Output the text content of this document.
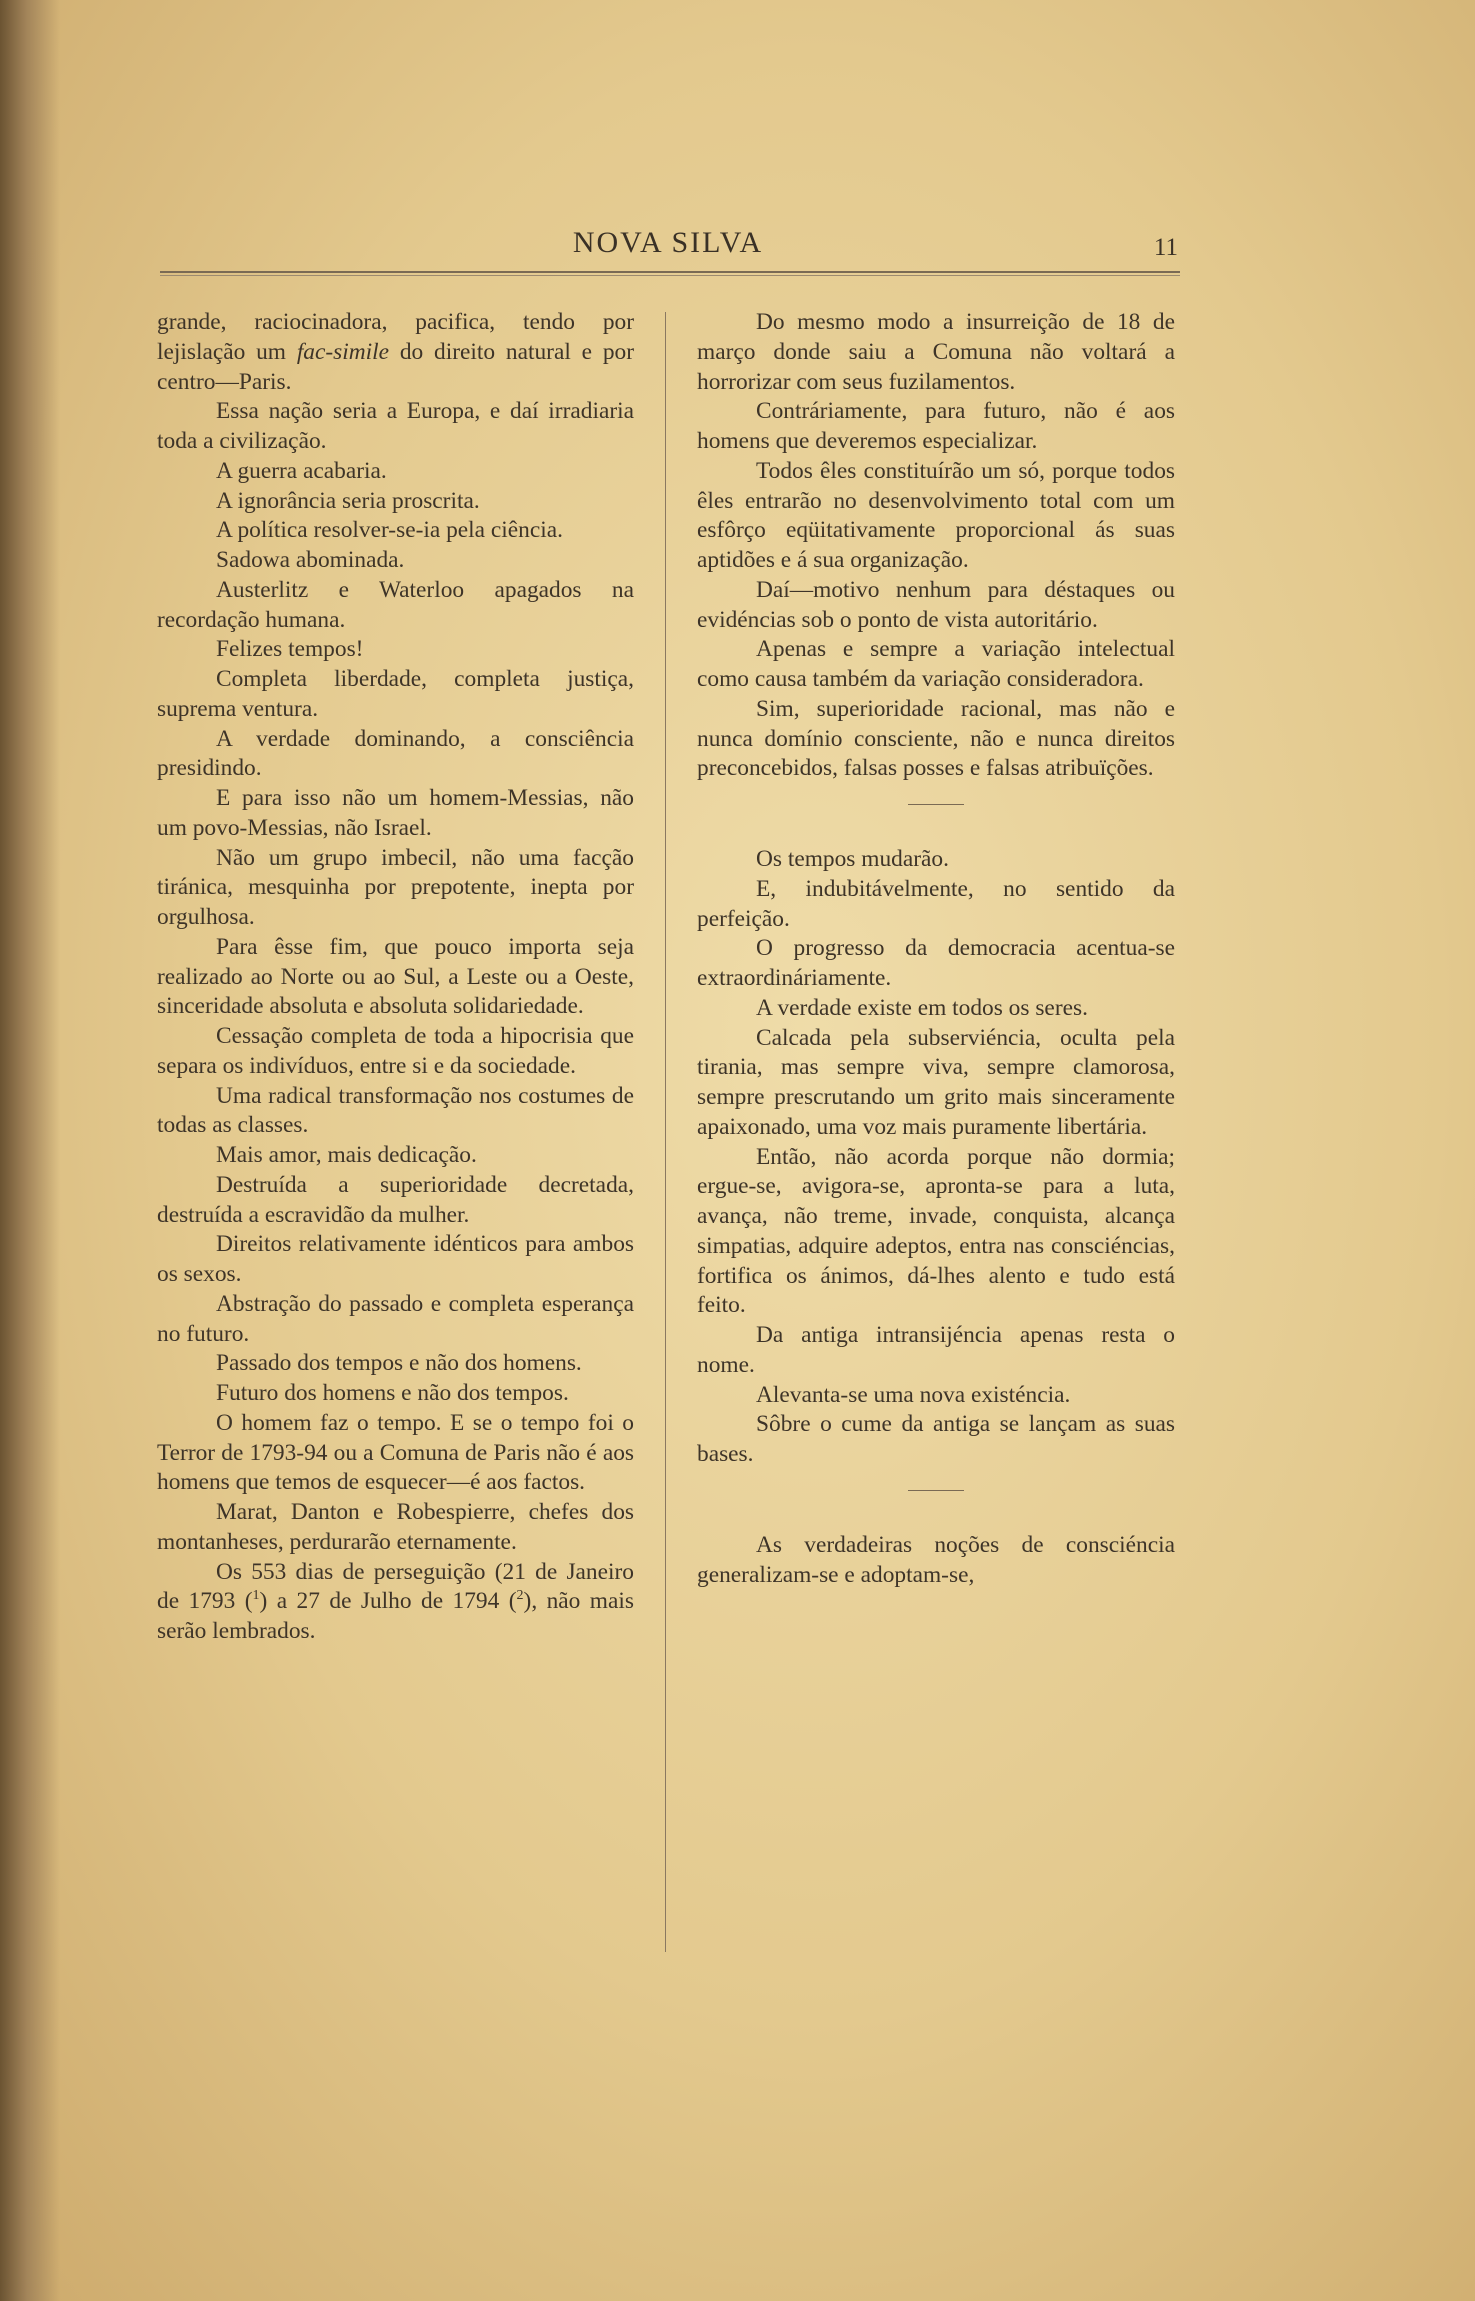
NOVA SILVA	11

grande, raciocinadora, pacifica, tendo por lejislação um fac-simile do direito natural e por centro—Paris.

Essa nação seria a Europa, e daí irradiaria toda a civilização.

A guerra acabaria.

A ignorância seria proscrita.

A política resolver-se-ia pela ciência.

Sadowa abominada.

Austerlitz e Waterloo apagados na recordação humana.

Felizes tempos!

Completa liberdade, completa justiça, suprema ventura.

A verdade dominando, a consciência presidindo.

E para isso não um homem-Messias, não um povo-Messias, não Israel.

Não um grupo imbecil, não uma facção tiránica, mesquinha por prepotente, inepta por orgulhosa.

Para êsse fim, que pouco importa seja realizado ao Norte ou ao Sul, a Leste ou a Oeste, sinceridade absoluta e absoluta solidariedade.

Cessação completa de toda a hipocrisia que separa os indivíduos, entre si e da sociedade.

Uma radical transformação nos costumes de todas as classes.

Mais amor, mais dedicação.

Destruída a superioridade decretada, destruída a escravidão da mulher.

Direitos relativamente idénticos para ambos os sexos.

Abstração do passado e completa esperança no futuro.

Passado dos tempos e não dos homens.

Futuro dos homens e não dos tempos.

O homem faz o tempo. E se o tempo foi o Terror de 1793-94 ou a Comuna de Paris não é aos homens que temos de esquecer—é aos factos.

Marat, Danton e Robespierre, chefes dos montanheses, perdurarão eternamente.

Os 553 dias de perseguição (21 de Janeiro de 1793 ($^1$) a 27 de Julho de 1794 ($^2$), não mais serão lembrados.

Do mesmo modo a insurreição de 18 de março donde saiu a Comuna não voltará a horrorizar com seus fuzilamentos.

Contráriamente, para futuro, não é aos homens que deveremos especializar.

Todos êles constituírão um só, porque todos êles entrarão no desenvolvimento total com um esfôrço eqüitativamente proporcional ás suas aptidões e á sua organização.

Daí—motivo nenhum para déstaques ou evidéncias sob o ponto de vista autoritário.

Apenas e sempre a variação intelectual como causa também da variação consideradora.

Sim, superioridade racional, mas não e nunca domínio consciente, não e nunca direitos preconcebidos, falsas posses e falsas atribuïções.

Os tempos mudarão.

E, indubitávelmente, no sentido da perfeição.

O progresso da democracia acentua-se extraordináriamente.

A verdade existe em todos os seres.

Calcada pela subserviéncia, oculta pela tirania, mas sempre viva, sempre clamorosa, sempre prescrutando um grito mais sinceramente apaixonado, uma voz mais puramente libertária.

Então, não acorda porque não dormia; ergue-se, avigora-se, apronta-se para a luta, avança, não treme, invade, conquista, alcança simpatias, adquire adeptos, entra nas consciéncias, fortifica os ánimos, dá-lhes alento e tudo está feito.

Da antiga intransijéncia apenas resta o nome.

Alevanta-se uma nova existéncia.

Sôbre o cume da antiga se lançam as suas bases.

As verdadeiras noções de consciéncia generalizam-se e adoptam-se,
